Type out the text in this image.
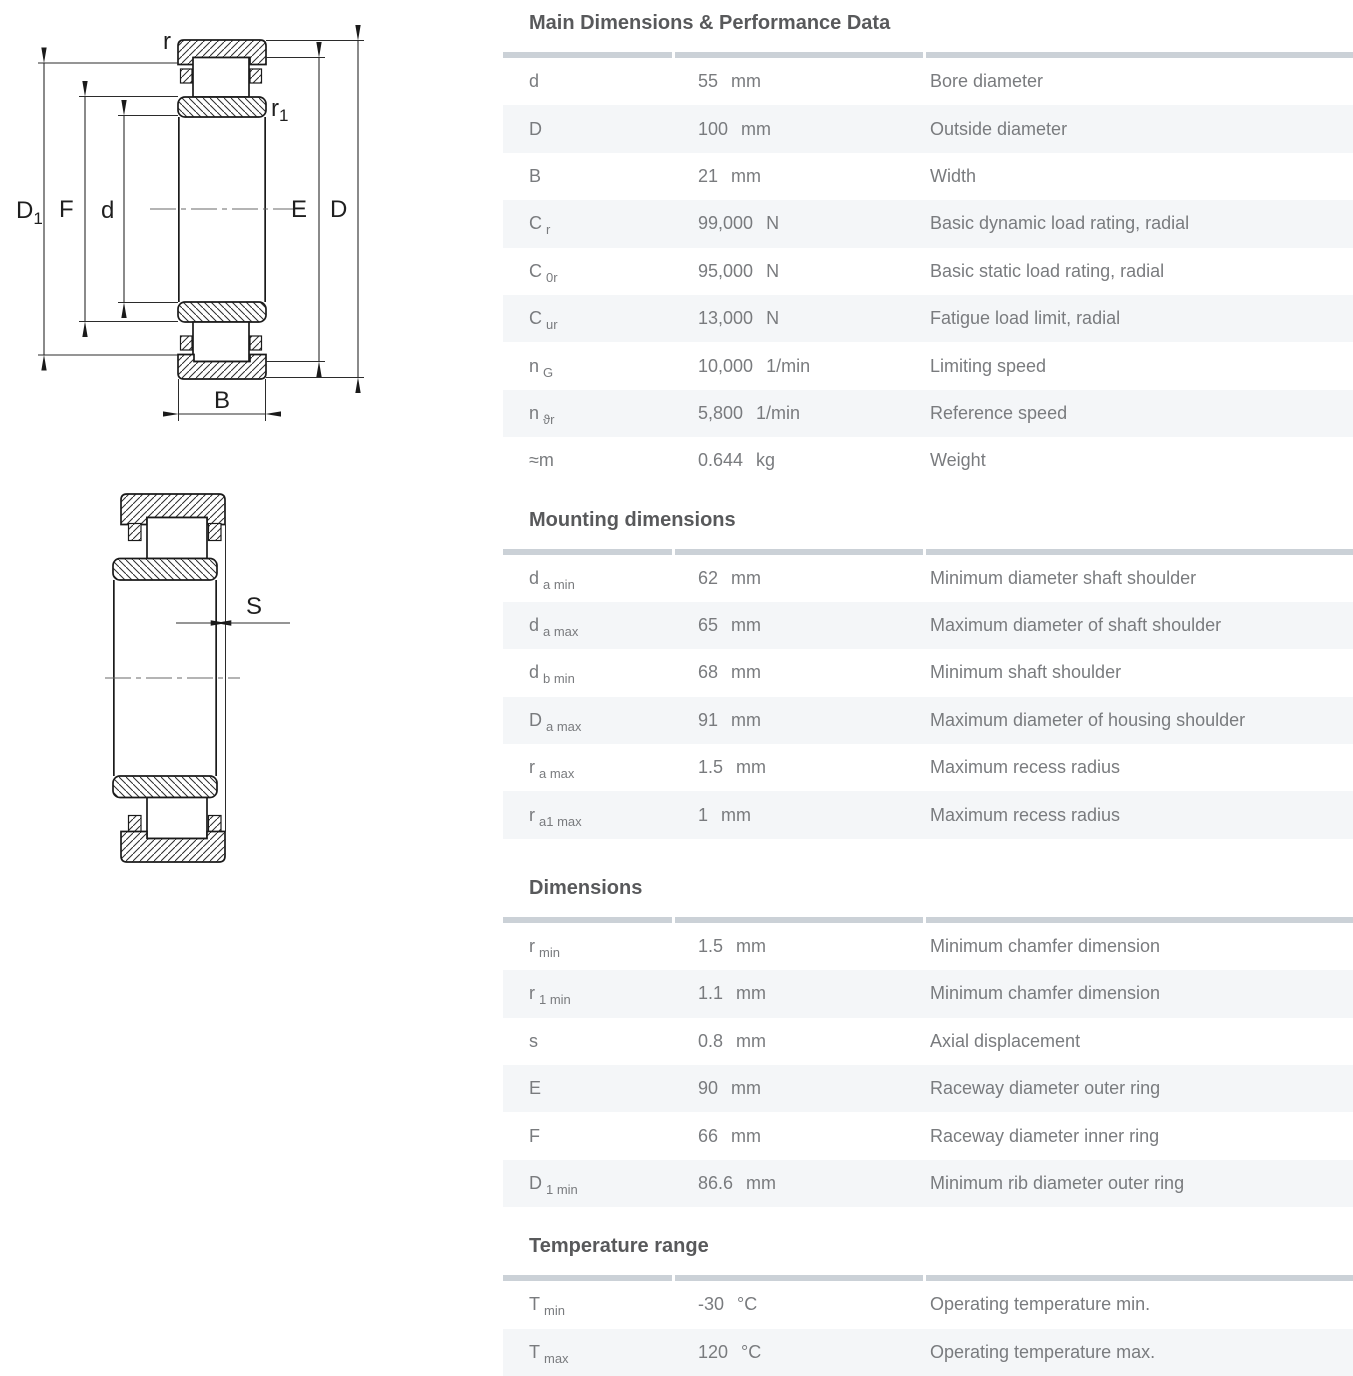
r
$r_1$
$D_1$ F d	E D
B
S
Main Dimensions & Performance Data
d	55 mm	Bore diameter
D	100 mm	Outside diameter
B	21 mm	Width
C $_r$	99,000 N	Basic dynamic load rating, radial
C $_{0r}$	95,000 N	Basic static load rating, radial
C $_{ur}$	13,000 N	Fatigue load limit, radial
n $_G$	10,000 1/min	Limiting speed
n $_{ϑr}$	5,800 1/min	Reference speed
≈m	0.644 kg	Weight
Mounting dimensions
d $_{a min}$	62 mm	Minimum diameter shaft shoulder
d $_{a max}$	65 mm	Maximum diameter of shaft shoulder
d $_{b min}$	68 mm	Minimum shaft shoulder
D $_{a max}$	91 mm	Maximum diameter of housing shoulder
r $_{a max}$	1.5 mm	Maximum recess radius
r $_{a1 max}$	1 mm	Maximum recess radius
Dimensions
r $_{min}$	1.5 mm	Minimum chamfer dimension
r $_{1 min}$	1.1 mm	Minimum chamfer dimension
s	0.8 mm	Axial displacement
E	90 mm	Raceway diameter outer ring
F	66 mm	Raceway diameter inner ring
D $_{1 min}$	86.6 mm	Minimum rib diameter outer ring
Temperature range
T $_{min}$	-30 °C	Operating temperature min.
T $_{max}$	120 °C	Operating temperature max.
